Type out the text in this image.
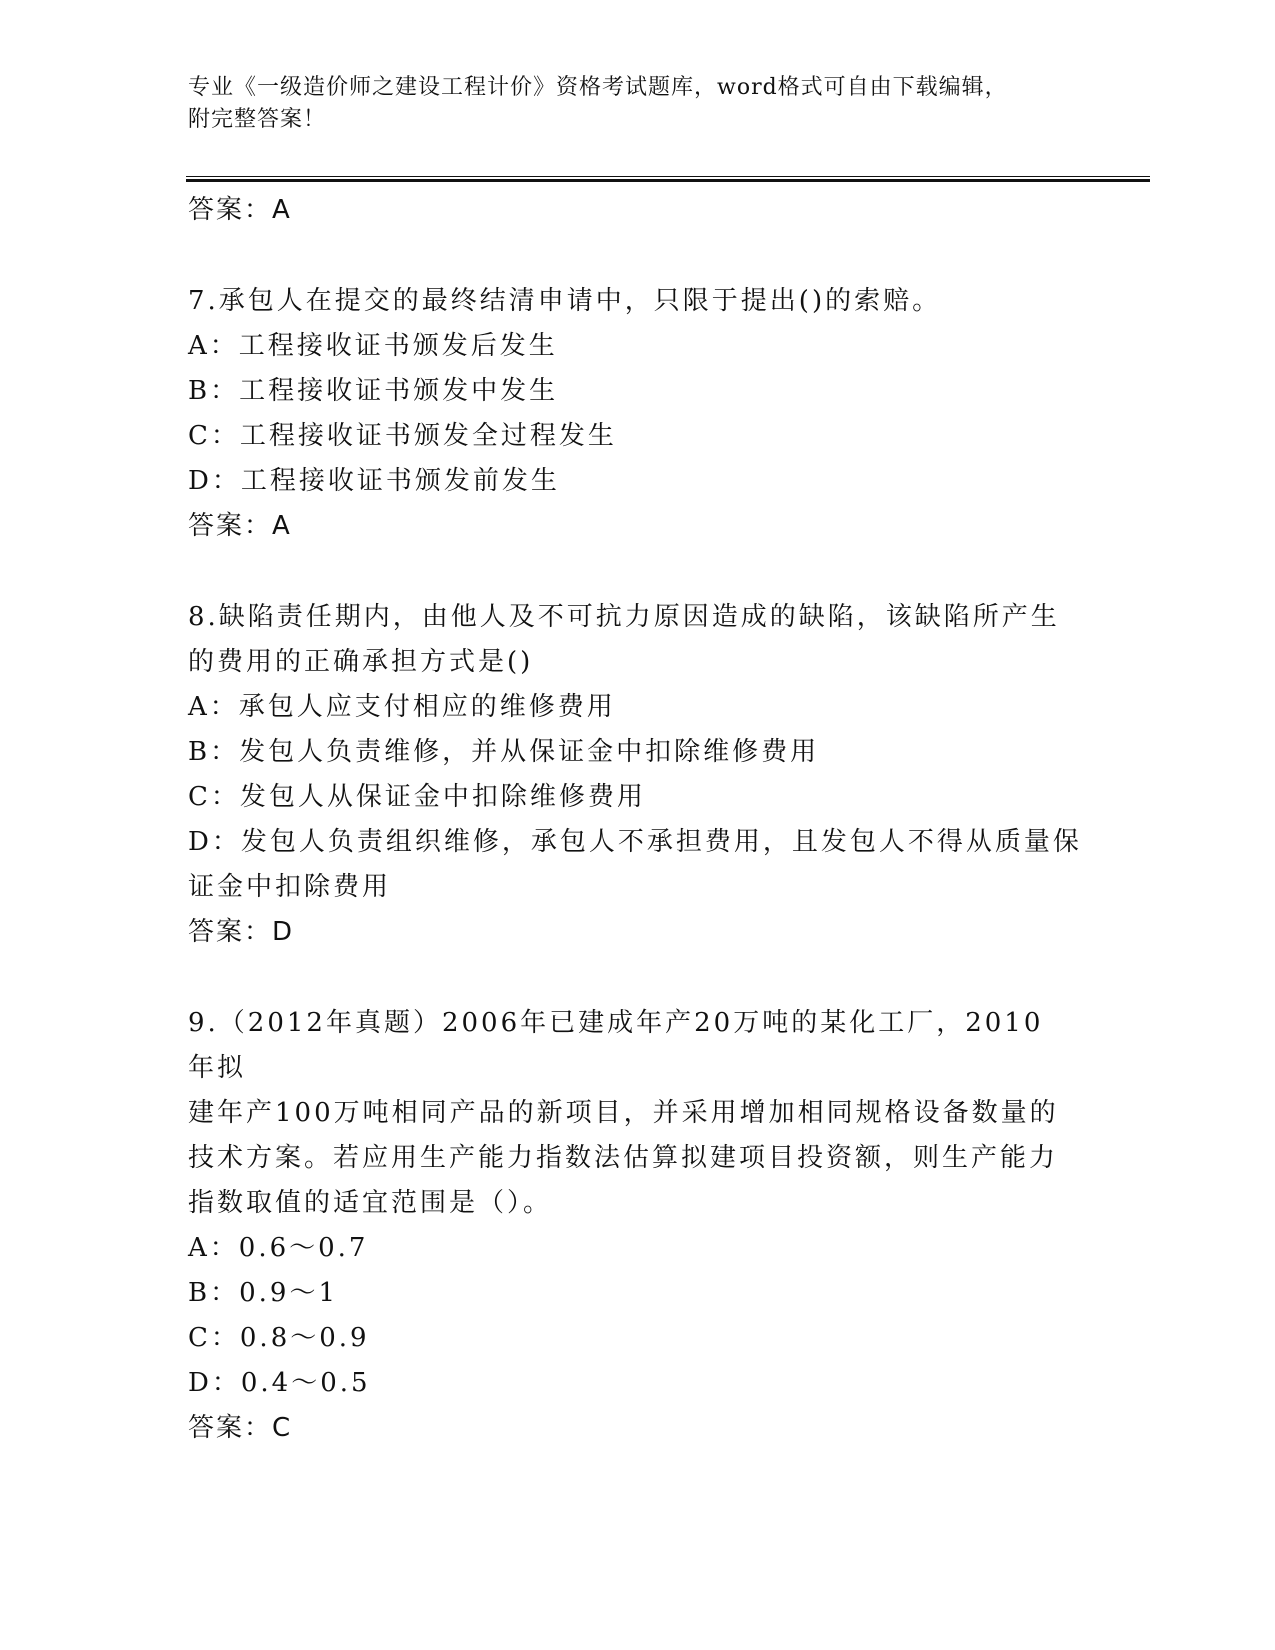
专业《一级造价师之建设工程计价》资格考试题库，word格式可自由下载编辑，
附完整答案！

答案：A

7.承包人在提交的最终结清申请中，只限于提出()的索赔。

A：工程接收证书颁发后发生

B：工程接收证书颁发中发生

C：工程接收证书颁发全过程发生

D：工程接收证书颁发前发生

答案：A

8.缺陷责任期内，由他人及不可抗力原因造成的缺陷，该缺陷所产生

的费用的正确承担方式是()

A：承包人应支付相应的维修费用

B：发包人负责维修，并从保证金中扣除维修费用

C：发包人从保证金中扣除维修费用

D：发包人负责组织维修，承包人不承担费用，且发包人不得从质量保

证金中扣除费用

答案：D

9.（2012年真题）2006年已建成年产20万吨的某化工厂，2010年拟

建年产100万吨相同产品的新项目，并采用增加相同规格设备数量的

技术方案。若应用生产能力指数法估算拟建项目投资额，则生产能力

指数取值的适宜范围是（）。

A：0.6～0.7

B：0.9～1

C：0.8～0.9

D：0.4～0.5

答案：C
